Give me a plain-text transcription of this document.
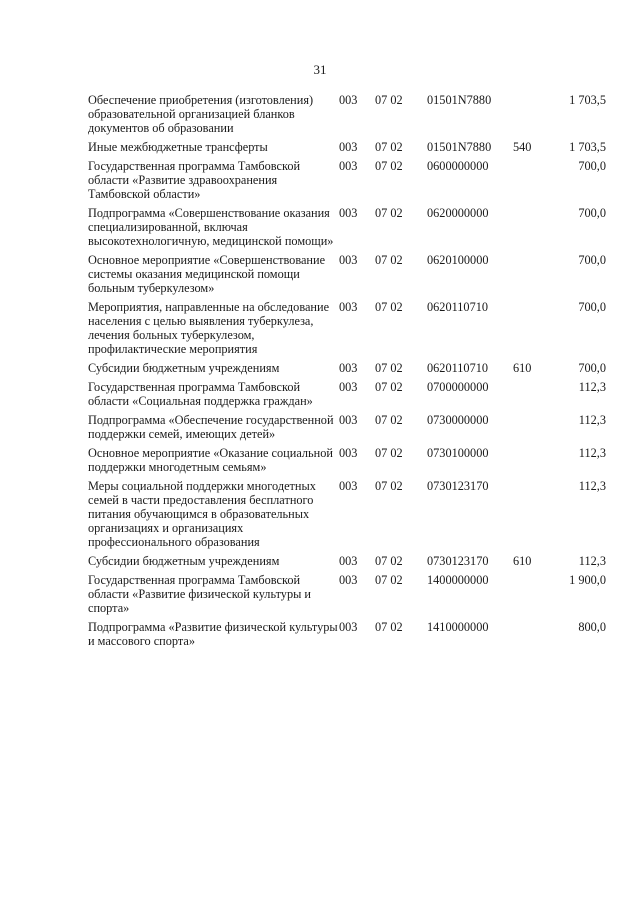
31
Обеспечение приобретения (изготовления) образовательной организацией бланков документов об образовании	003	07 02	01501N7880		1 703,5
Иные межбюджетные трансферты	003	07 02	01501N7880	540	1 703,5
Государственная программа Тамбовской области «Развитие здравоохранения Тамбовской области»	003	07 02	0600000000		700,0
Подпрограмма «Совершенствование оказания специализированной, включая высокотехнологичную, медицинской помощи»	003	07 02	0620000000		700,0
Основное мероприятие «Совершенствование системы оказания медицинской помощи больным туберкулезом»	003	07 02	0620100000		700,0
Мероприятия, направленные на обследование населения с целью выявления туберкулеза, лечения больных туберкулезом, профилактические мероприятия	003	07 02	0620110710		700,0
Субсидии бюджетным учреждениям	003	07 02	0620110710	610	700,0
Государственная программа Тамбовской области «Социальная поддержка граждан»	003	07 02	0700000000		112,3
Подпрограмма «Обеспечение государственной поддержки семей, имеющих детей»	003	07 02	0730000000		112,3
Основное мероприятие «Оказание социальной поддержки многодетным семьям»	003	07 02	0730100000		112,3
Меры социальной поддержки многодетных семей в части предоставления бесплатного питания обучающимся в образовательных организациях и организациях профессионального образования	003	07 02	0730123170		112,3
Субсидии бюджетным учреждениям	003	07 02	0730123170	610	112,3
Государственная программа Тамбовской области «Развитие физической культуры и спорта»	003	07 02	1400000000		1 900,0
Подпрограмма «Развитие физической культуры и массового спорта»	003	07 02	1410000000		800,0
